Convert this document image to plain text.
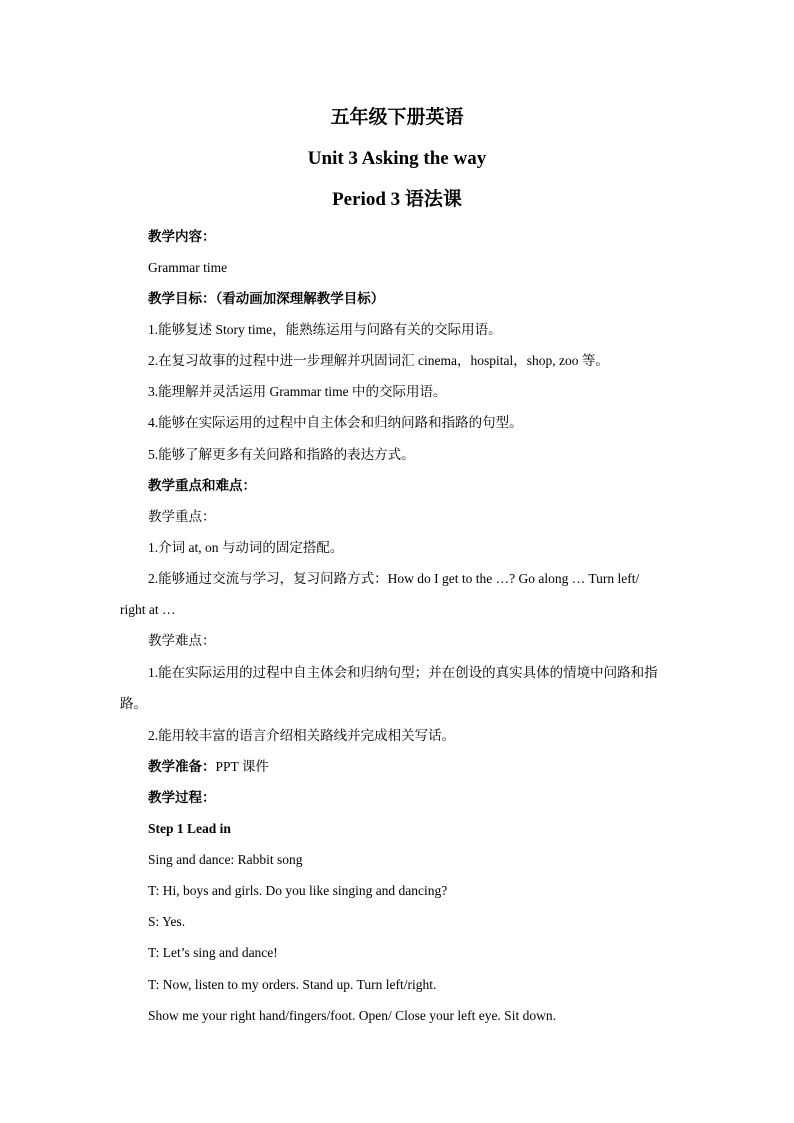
五年级下册英语
Unit 3 Asking the way
Period 3 语法课
教学内容：
Grammar time
教学目标：（看动画加深理解教学目标）
1.能够复述 Story time，能熟练运用与问路有关的交际用语。
2.在复习故事的过程中进一步理解并巩固词汇 cinema，hospital，shop, zoo 等。
3.能理解并灵活运用 Grammar time 中的交际用语。
4.能够在实际运用的过程中自主体会和归纳问路和指路的句型。
5.能够了解更多有关问路和指路的表达方式。
教学重点和难点：
教学重点：
1.介词 at, on 与动词的固定搭配。
2.能够通过交流与学习，复习问路方式：How do I get to the …? Go along … Turn left/
right at …
教学难点：
1.能在实际运用的过程中自主体会和归纳句型；并在创设的真实具体的情境中问路和指
路。
2.能用较丰富的语言介绍相关路线并完成相关写话。
教学准备：PPT 课件
教学过程：
Step 1 Lead in
Sing and dance: Rabbit song
T: Hi, boys and girls. Do you like singing and dancing?
S: Yes.
T: Let’s sing and dance!
T: Now, listen to my orders. Stand up. Turn left/right.
Show me your right hand/fingers/foot. Open/ Close your left eye. Sit down.
